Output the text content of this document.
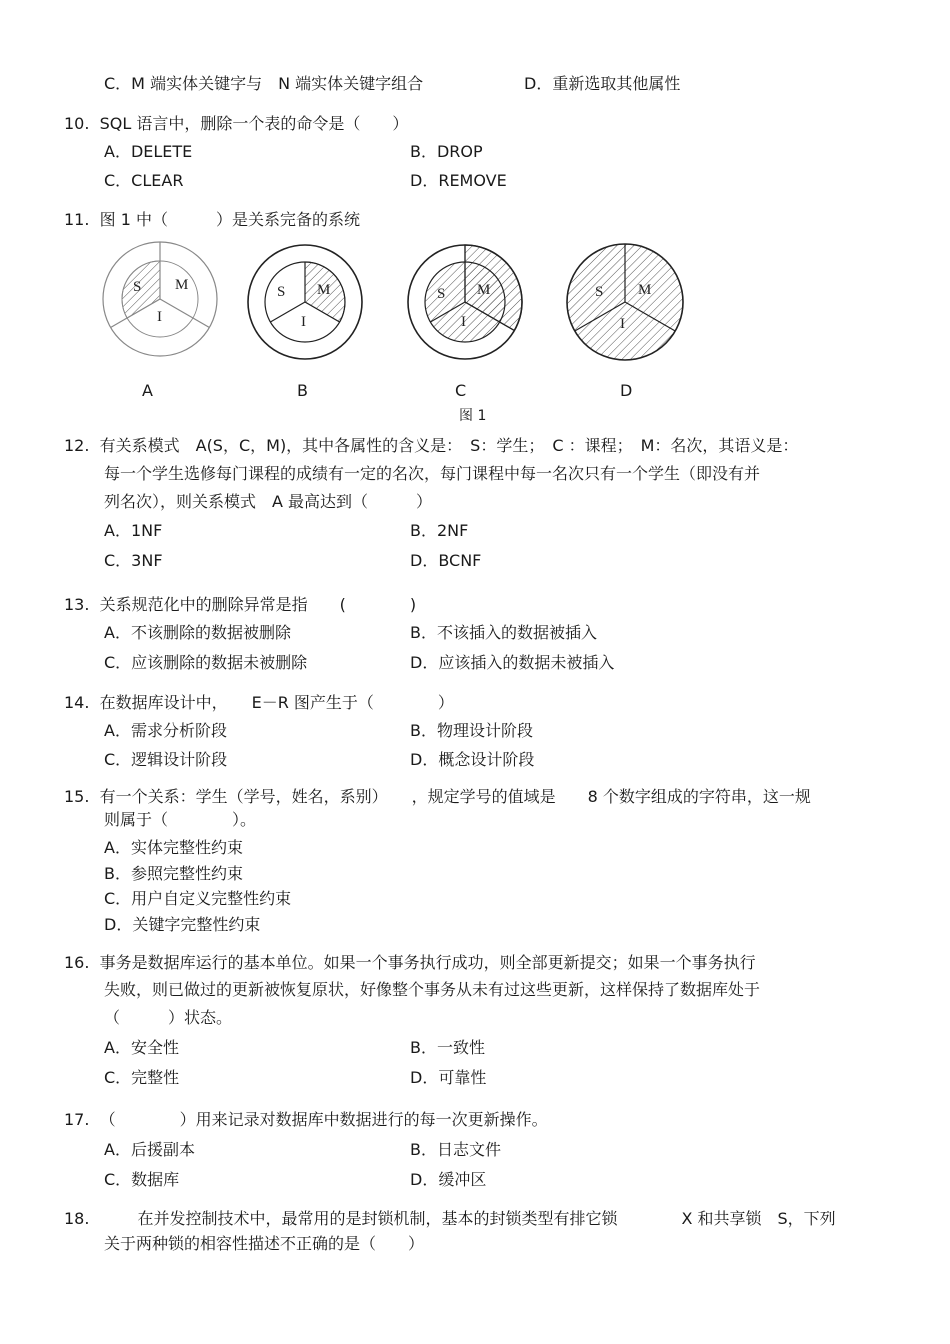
C．M 端实体关键字与　N 端实体关键字组合	D．重新选取其他属性
10.  SQL 语言中，删除一个表的命令是（　　）
A．DELETE	B．DROP
C．CLEAR	D．REMOVE
11.  图 1 中（　　　）是关系完备的系统
S M
I
S M
I
S M
I
S M
I
A	B	C	D
图 1
12.  有关系模式　A(S，C，M)，其中各属性的含义是：　S：学生；　C ：课程；　M：名次，其语义是：
每一个学生选修每门课程的成绩有一定的名次，每门课程中每一名次只有一个学生（即没有并
列名次），则关系模式　A 最高达到（　　　）
A．1NF	B．2NF
C．3NF	D．BCNF
13.  关系规范化中的删除异常是指　　(　　　　)
A．不该删除的数据被删除	B．不该插入的数据被插入
C．应该删除的数据未被删除	D．应该插入的数据未被插入
14.  在数据库设计中，　　E－R 图产生于（　　　　）
A．需求分析阶段	B．物理设计阶段
C．逻辑设计阶段	D．概念设计阶段
15.  有一个关系：学生（学号，姓名，系别）　　，规定学号的值域是　　8 个数字组成的字符串，这一规
则属于（　　　　）。
A．实体完整性约束
B．参照完整性约束
C．用户自定义完整性约束
D．关键字完整性约束
16.  事务是数据库运行的基本单位。如果一个事务执行成功，则全部更新提交；如果一个事务执行
失败，则已做过的更新被恢复原状，好像整个事务从未有过这些更新，这样保持了数据库处于
（　　　）状态。
A．安全性	B．一致性
C．完整性	D．可靠性
17.  （　　　　）用来记录对数据库中数据进行的每一次更新操作。
A．后援副本	B．日志文件
C．数据库	D．缓冲区
18.　　　在并发控制技术中，最常用的是封锁机制，基本的封锁类型有排它锁　　　　X 和共享锁　S，下列
关于两种锁的相容性描述不正确的是（　　）
